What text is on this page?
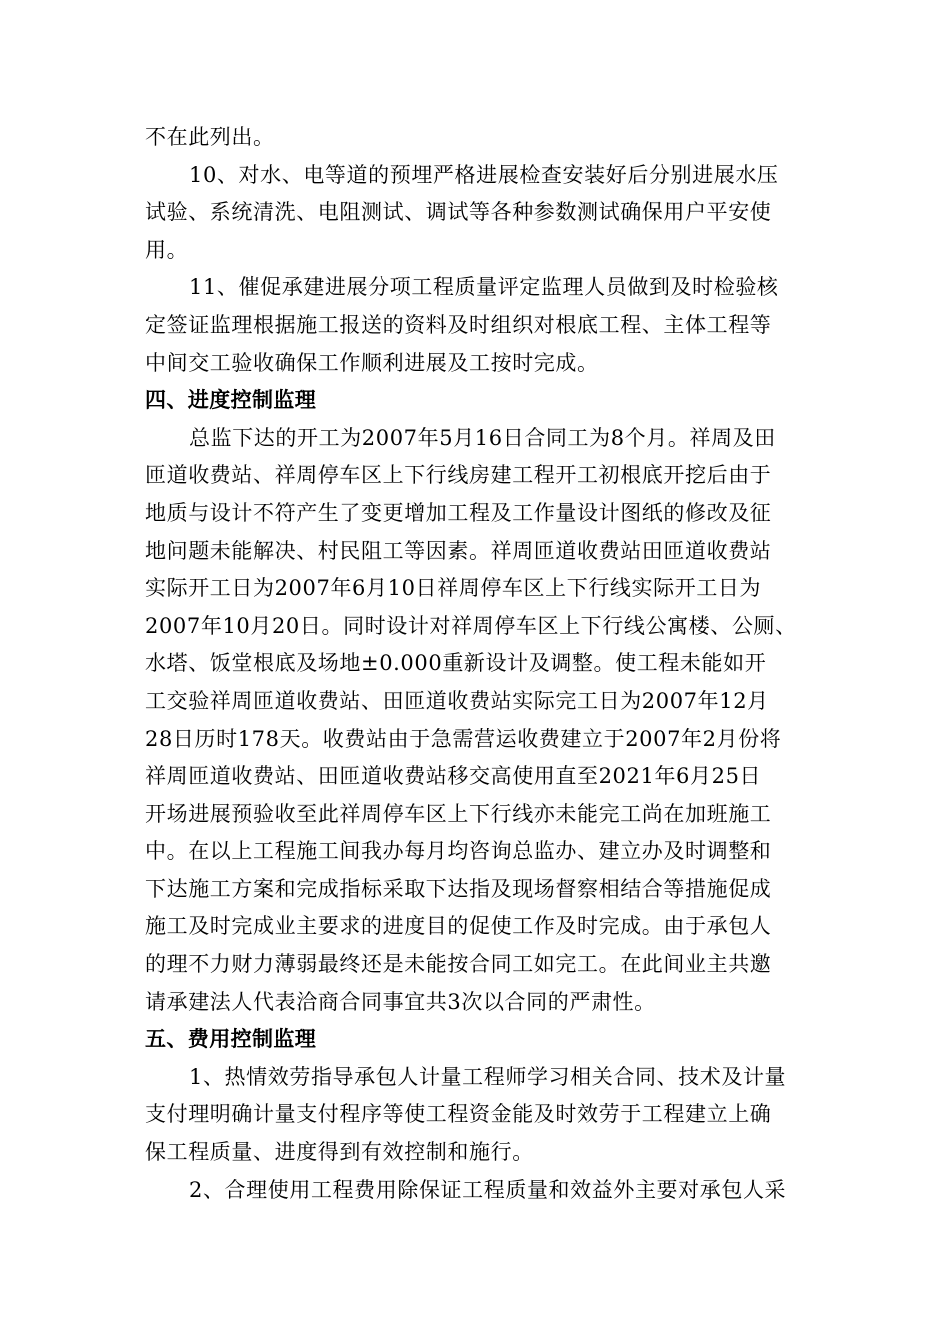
不在此列出。
10、对水、电等道的预埋严格进展检查安装好后分别进展水压
试验、系统清洗、电阻测试、调试等各种参数测试确保用户平安使
用。
11、催促承建进展分项工程质量评定监理人员做到及时检验核
定签证监理根据施工报送的资料及时组织对根底工程、主体工程等
中间交工验收确保工作顺利进展及工按时完成。
四、进度控制监理
总监下达的开工为2007年5月16日合同工为8个月。祥周及田
匝道收费站、祥周停车区上下行线房建工程开工初根底开挖后由于
地质与设计不符产生了变更增加工程及工作量设计图纸的修改及征
地问题未能解决、村民阻工等因素。祥周匝道收费站田匝道收费站
实际开工日为2007年6月10日祥周停车区上下行线实际开工日为
2007年10月20日。同时设计对祥周停车区上下行线公寓楼、公厕、
水塔、饭堂根底及场地±0.000重新设计及调整。使工程未能如开
工交验祥周匝道收费站、田匝道收费站实际完工日为2007年12月
28日历时178天。收费站由于急需营运收费建立于2007年2月份将
祥周匝道收费站、田匝道收费站移交高使用直至2021年6月25日
开场进展预验收至此祥周停车区上下行线亦未能完工尚在加班施工
中。在以上工程施工间我办每月均咨询总监办、建立办及时调整和
下达施工方案和完成指标采取下达指及现场督察相结合等措施促成
施工及时完成业主要求的进度目的促使工作及时完成。由于承包人
的理不力财力薄弱最终还是未能按合同工如完工。在此间业主共邀
请承建法人代表洽商合同事宜共3次以合同的严肃性。
五、费用控制监理
1、热情效劳指导承包人计量工程师学习相关合同、技术及计量
支付理明确计量支付程序等使工程资金能及时效劳于工程建立上确
保工程质量、进度得到有效控制和施行。
2、合理使用工程费用除保证工程质量和效益外主要对承包人采
